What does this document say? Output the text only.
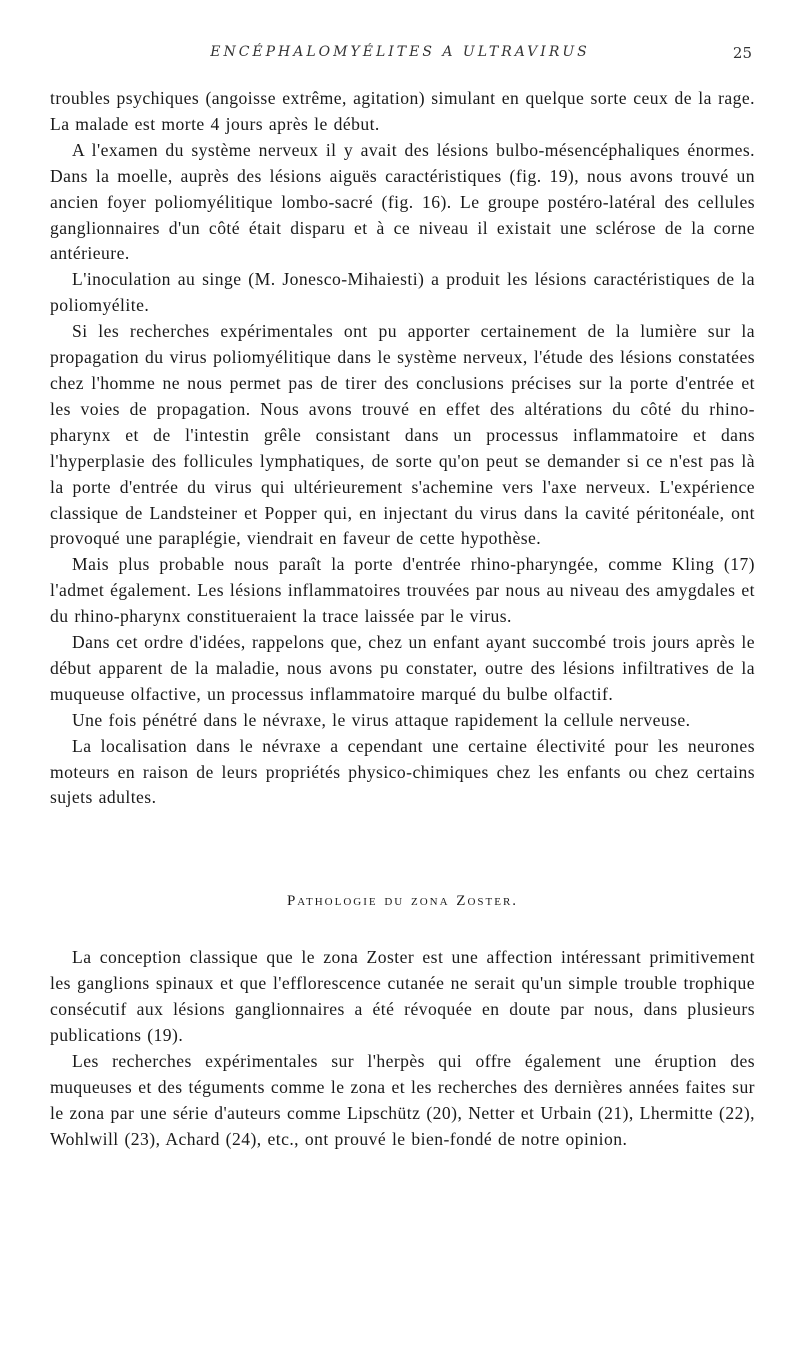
ENCÉPHALOMYÉLITES A ULTRAVIRUS	25

troubles psychiques (angoisse extrême, agitation) simulant en quelque sorte ceux de la rage. La malade est morte 4 jours après le début.

A l'examen du système nerveux il y avait des lésions bulbo-mésencéphaliques énormes. Dans la moelle, auprès des lésions aiguës caractéristiques (fig. 19), nous avons trouvé un ancien foyer poliomyélitique lombo-sacré (fig. 16). Le groupe postéro-latéral des cellules ganglionnaires d'un côté était disparu et à ce niveau il existait une sclérose de la corne antérieure.

L'inoculation au singe (M. Jonesco-Mihaiesti) a produit les lésions caractéristiques de la poliomyélite.

Si les recherches expérimentales ont pu apporter certainement de la lumière sur la propagation du virus poliomyélitique dans le système nerveux, l'étude des lésions constatées chez l'homme ne nous permet pas de tirer des conclusions précises sur la porte d'entrée et les voies de propagation. Nous avons trouvé en effet des altérations du côté du rhino-pharynx et de l'intestin grêle consistant dans un processus inflammatoire et dans l'hyperplasie des follicules lymphatiques, de sorte qu'on peut se demander si ce n'est pas là la porte d'entrée du virus qui ultérieurement s'achemine vers l'axe nerveux. L'expérience classique de Landsteiner et Popper qui, en injectant du virus dans la cavité péritonéale, ont provoqué une paraplégie, viendrait en faveur de cette hypothèse.

Mais plus probable nous paraît la porte d'entrée rhino-pharyngée, comme Kling (17) l'admet également. Les lésions inflammatoires trouvées par nous au niveau des amygdales et du rhino-pharynx constitueraient la trace laissée par le virus.

Dans cet ordre d'idées, rappelons que, chez un enfant ayant succombé trois jours après le début apparent de la maladie, nous avons pu constater, outre des lésions infiltratives de la muqueuse olfactive, un processus inflammatoire marqué du bulbe olfactif.

Une fois pénétré dans le névraxe, le virus attaque rapidement la cellule nerveuse.

La localisation dans le névraxe a cependant une certaine électivité pour les neurones moteurs en raison de leurs propriétés physico-chimiques chez les enfants ou chez certains sujets adultes.

Pathologie du zona Zoster.

La conception classique que le zona Zoster est une affection intéressant primitivement les ganglions spinaux et que l'efflorescence cutanée ne serait qu'un simple trouble trophique consécutif aux lésions ganglionnaires a été révoquée en doute par nous, dans plusieurs publications (19).

Les recherches expérimentales sur l'herpès qui offre également une éruption des muqueuses et des téguments comme le zona et les recherches des dernières années faites sur le zona par une série d'auteurs comme Lipschütz (20), Netter et Urbain (21), Lhermitte (22), Wohlwill (23), Achard (24), etc., ont prouvé le bien-fondé de notre opinion.
